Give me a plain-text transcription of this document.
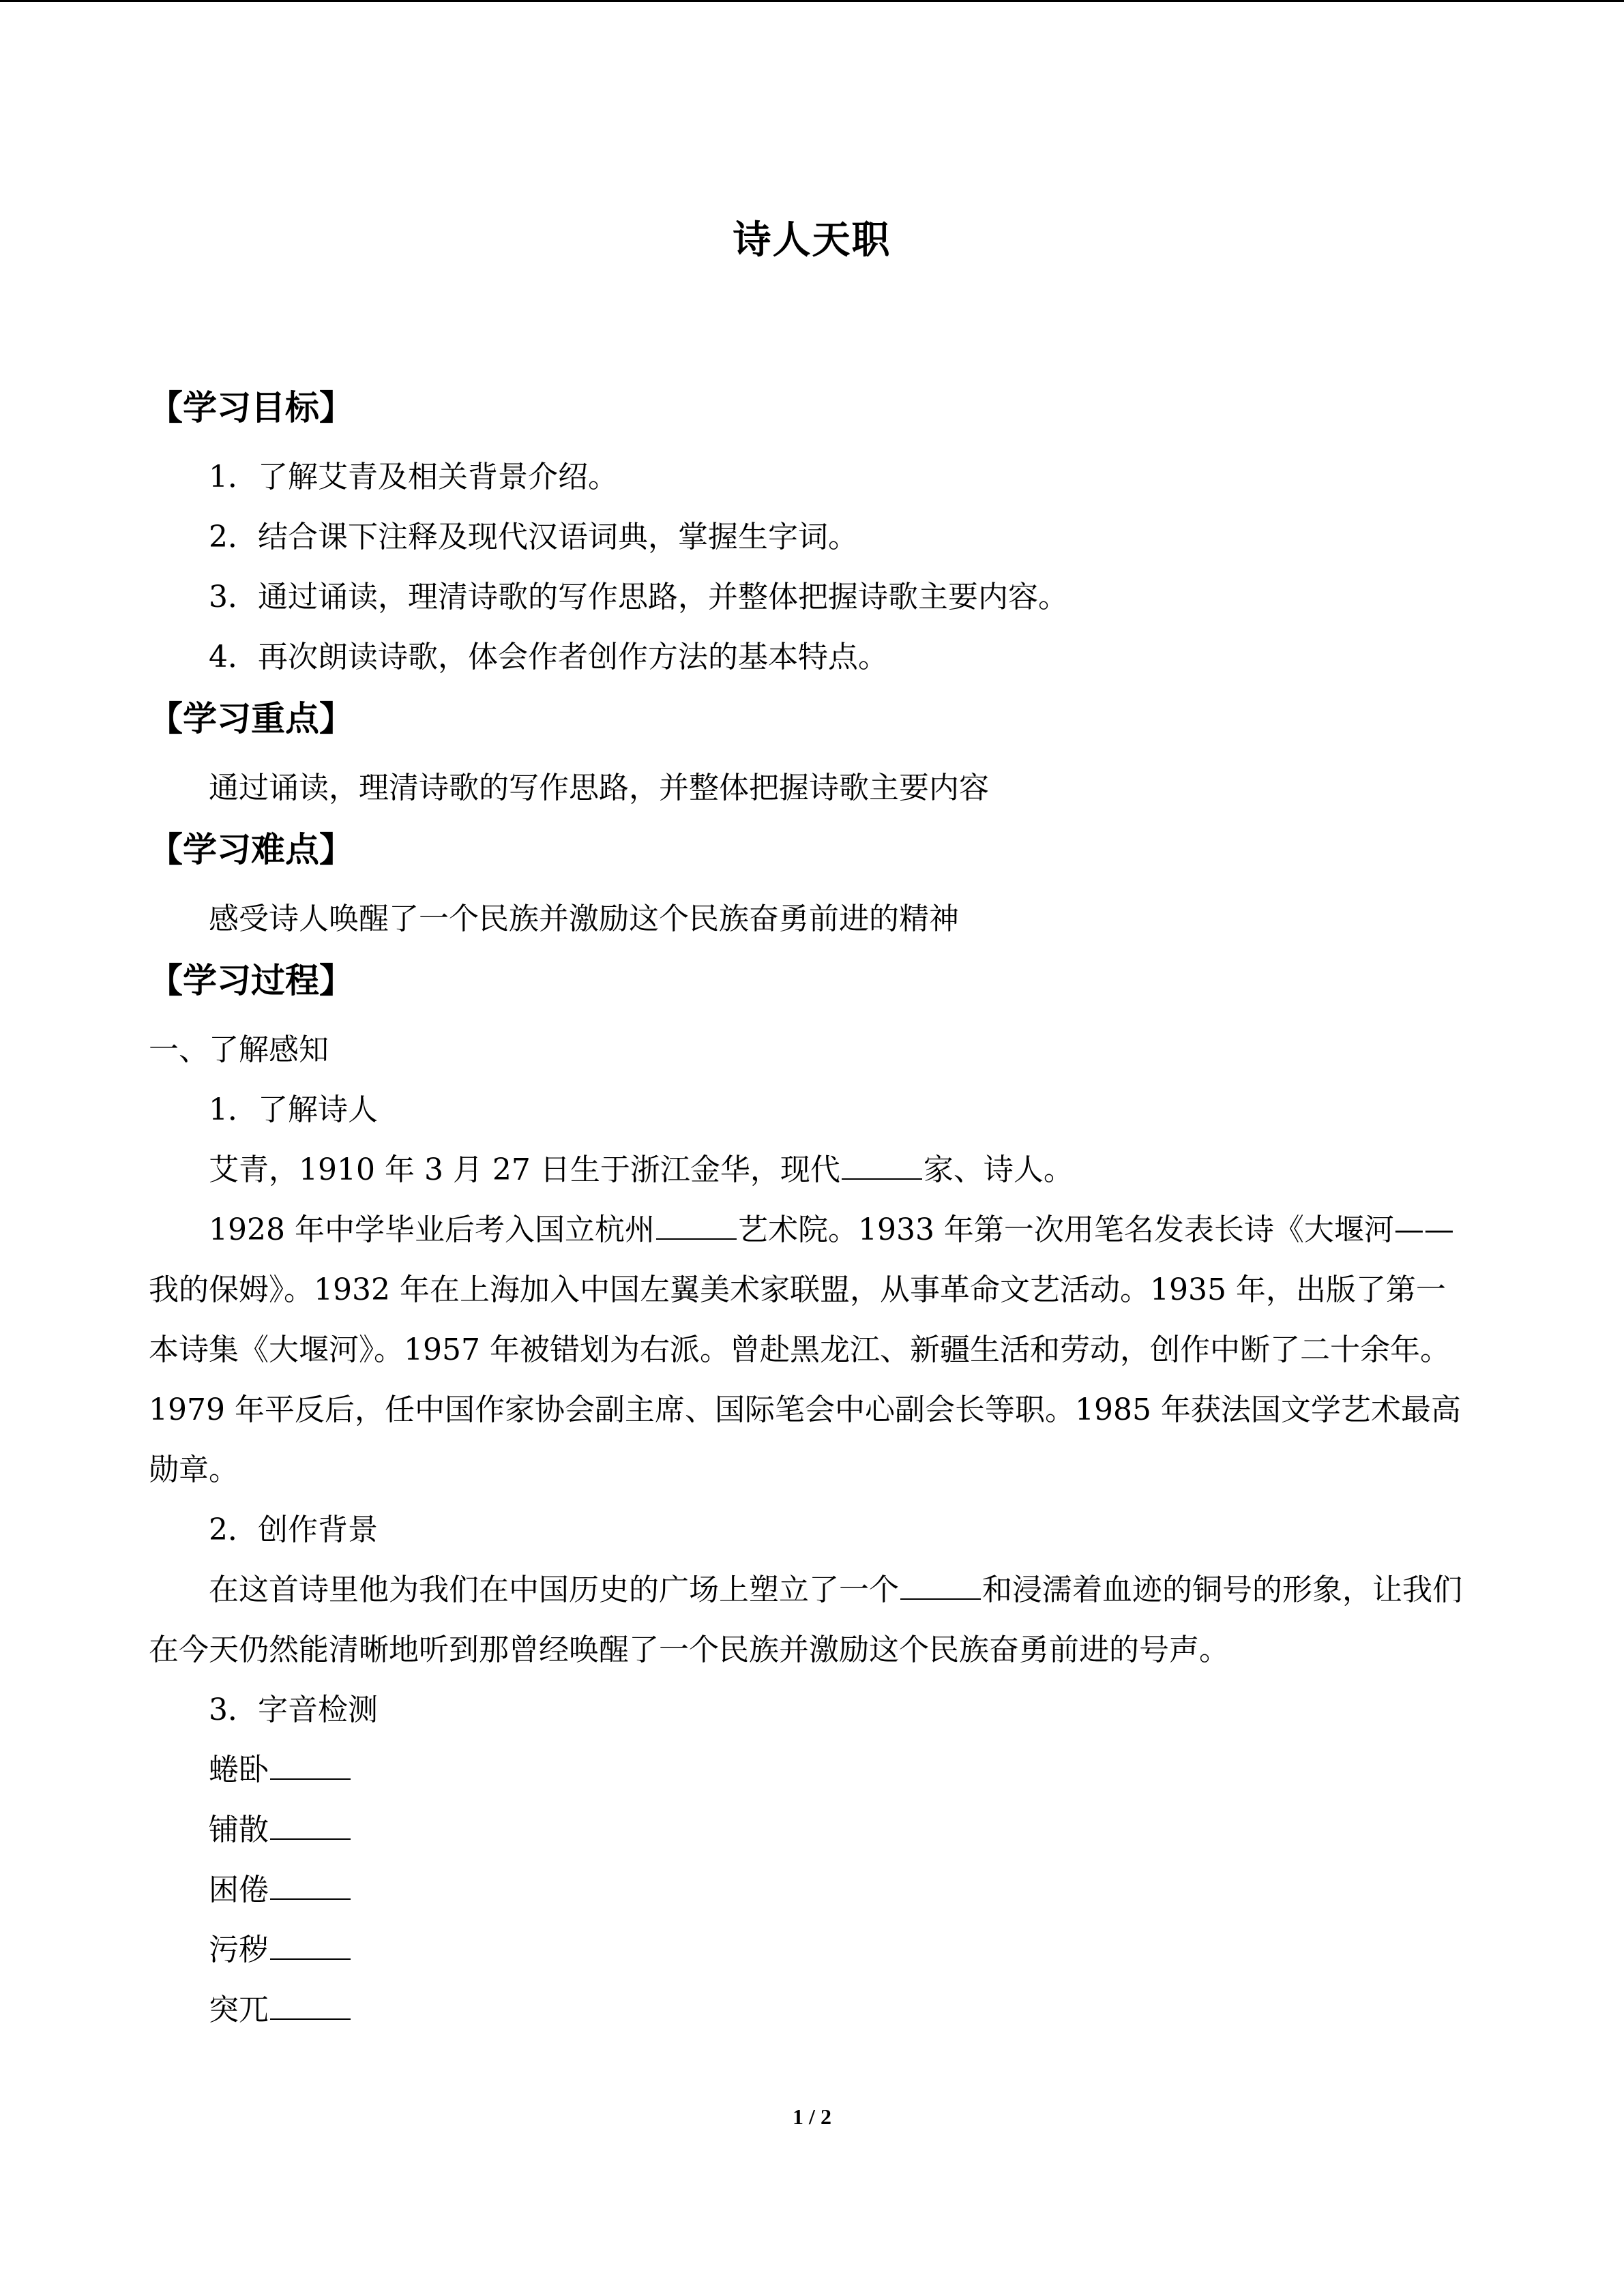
诗人天职
【学习目标】

1．了解艾青及相关背景介绍。

2．结合课下注释及现代汉语词典，掌握生字词。

3．通过诵读，理清诗歌的写作思路，并整体把握诗歌主要内容。

4．再次朗读诗歌，体会作者创作方法的基本特点。

【学习重点】

通过诵读，理清诗歌的写作思路，并整体把握诗歌主要内容

【学习难点】

感受诗人唤醒了一个民族并激励这个民族奋勇前进的精神

【学习过程】

一、了解感知

1．了解诗人

艾青，1910 年 3 月 27 日生于浙江金华，现代	家、诗人。

1928 年中学毕业后考入国立杭州	艺术院。1933 年第一次用笔名发表长诗《大堰河——我的保姆》。1932 年在上海加入中国左翼美术家联盟，从事革命文艺活动。1935 年，出版了第一本诗集《大堰河》。1957 年被错划为右派。曾赴黑龙江、新疆生活和劳动，创作中断了二十余年。1979 年平反后，任中国作家协会副主席、国际笔会中心副会长等职。1985 年获法国文学艺术最高勋章。

2．创作背景

在这首诗里他为我们在中国历史的广场上塑立了一个	和浸濡着血迹的铜号的形象，让我们在今天仍然能清晰地听到那曾经唤醒了一个民族并激励这个民族奋勇前进的号声。

3．字音检测

蜷卧

铺散

困倦

污秽

突兀

1 / 2
